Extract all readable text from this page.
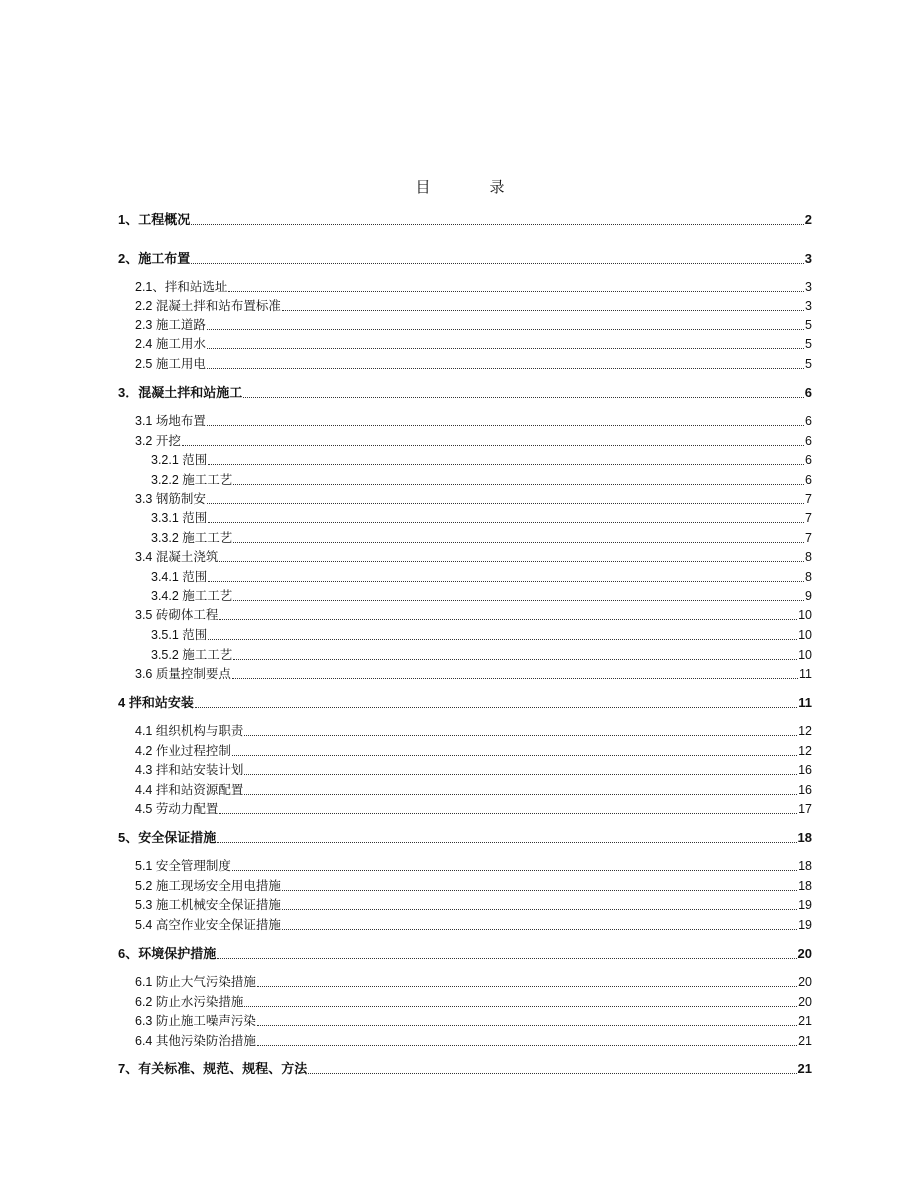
目　录
1、工程概况	2
2、施工布置	3
2.1、拌和站选址	3
2.2 混凝土拌和站布置标准	3
2.3 施工道路	5
2.4 施工用水	5
2.5 施工用电	5
3．混凝土拌和站施工	6
3.1 场地布置	6
3.2 开挖	6
3.2.1 范围	6
3.2.2 施工工艺	6
3.3 钢筋制安	7
3.3.1 范围	7
3.3.2 施工工艺	7
3.4 混凝土浇筑	8
3.4.1 范围	8
3.4.2 施工工艺	9
3.5 砖砌体工程	10
3.5.1 范围	10
3.5.2 施工工艺	10
3.6 质量控制要点	11
4 拌和站安装	11
4.1 组织机构与职责	12
4.2 作业过程控制	12
4.3 拌和站安装计划	16
4.4 拌和站资源配置	16
4.5 劳动力配置	17
5、安全保证措施	18
5.1 安全管理制度	18
5.2 施工现场安全用电措施	18
5.3 施工机械安全保证措施	19
5.4 高空作业安全保证措施	19
6、环境保护措施	20
6.1 防止大气污染措施	20
6.2 防止水污染措施	20
6.3 防止施工噪声污染	21
6.4 其他污染防治措施	21
7、有关标准、规范、规程、方法	21
